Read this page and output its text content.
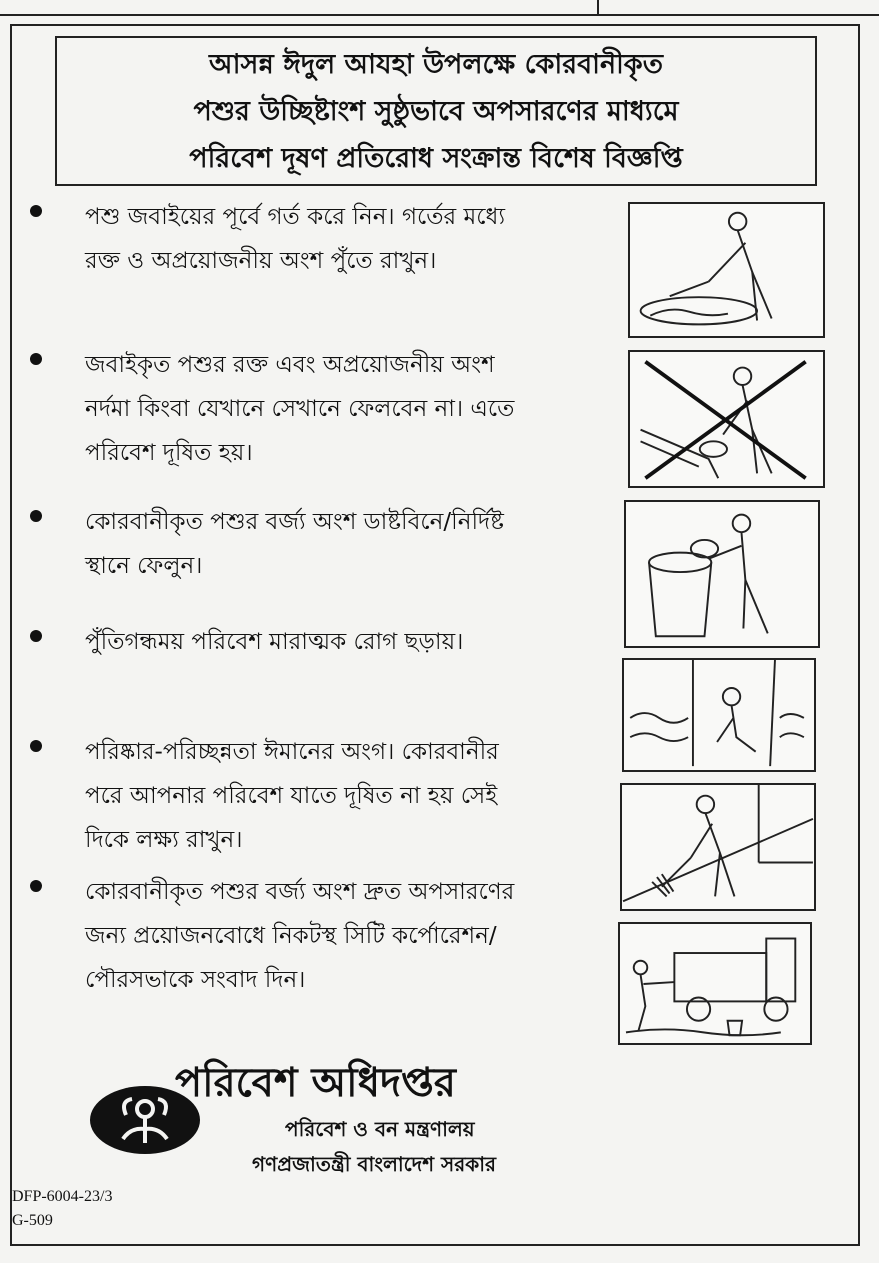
আসন্ন ঈদুল আযহা উপলক্ষে কোরবানীকৃত
পশুর উচ্ছিষ্টাংশ সুষ্ঠুভাবে অপসারণের মাধ্যমে
পরিবেশ দূষণ প্রতিরোধ সংক্রান্ত বিশেষ বিজ্ঞপ্তি

পশু জবাইয়ের পূর্বে গর্ত করে নিন। গর্তের মধ্যে রক্ত ও অপ্রয়োজনীয় অংশ পুঁতে রাখুন।

জবাইকৃত পশুর রক্ত এবং অপ্রয়োজনীয় অংশ নর্দমা কিংবা যেখানে সেখানে ফেলবেন না। এতে পরিবেশ দূষিত হয়।

কোরবানীকৃত পশুর বর্জ্য অংশ ডাষ্টবিনে/নির্দিষ্ট স্থানে ফেলুন।

পুঁতিগন্ধময় পরিবেশ মারাত্মক রোগ ছড়ায়।

পরিষ্কার-পরিচ্ছন্নতা ঈমানের অংগ। কোরবানীর পরে আপনার পরিবেশ যাতে দূষিত না হয় সেই দিকে লক্ষ্য রাখুন।

কোরবানীকৃত পশুর বর্জ্য অংশ দ্রুত অপসারণের জন্য প্রয়োজনবোধে নিকটস্থ সিটি কর্পোরেশন/পৌরসভাকে সংবাদ দিন।

পরিবেশ অধিদপ্তর
পরিবেশ ও বন মন্ত্রণালয়
গণপ্রজাতন্ত্রী বাংলাদেশ সরকার
DFP-6004-23/3
G-509
